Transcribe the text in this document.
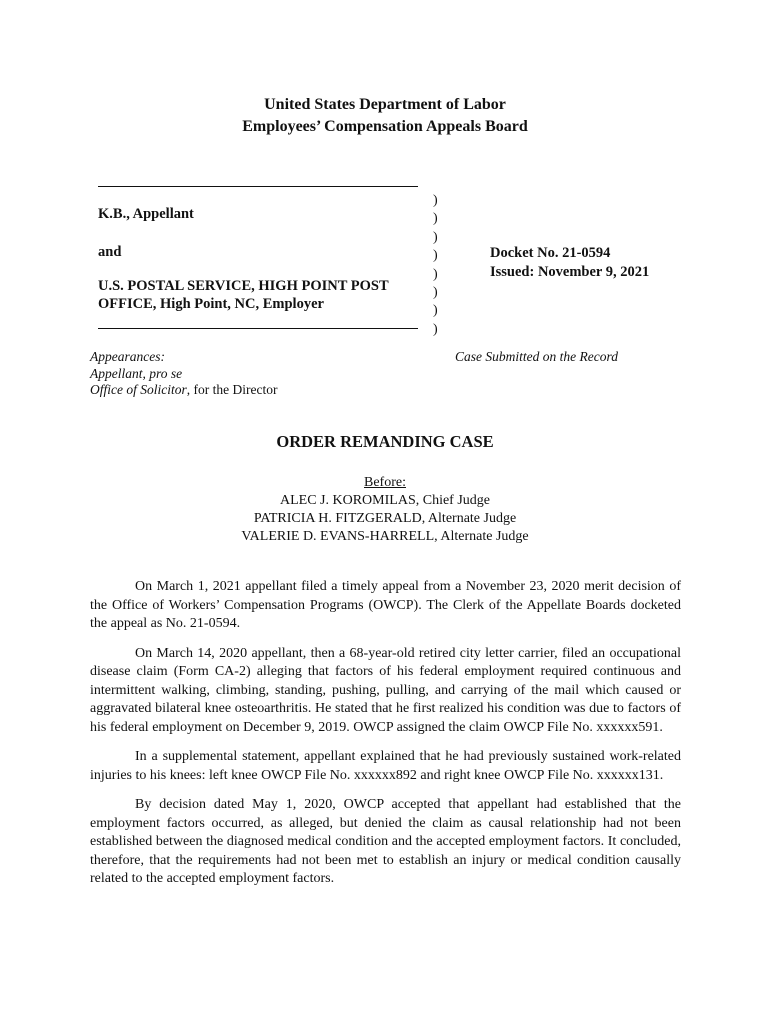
United States Department of Labor
Employees’ Compensation Appeals Board
K.B., Appellant
and
U.S. POSTAL SERVICE, HIGH POINT POST
OFFICE, High Point, NC, Employer
)
)
)
)
)
)
)
)
Docket No. 21-0594
Issued: November 9, 2021
Appearances:
Appellant, pro se
Office of Solicitor, for the Director
Case Submitted on the Record
ORDER REMANDING CASE
Before:
ALEC J. KOROMILAS, Chief Judge
PATRICIA H. FITZGERALD, Alternate Judge
VALERIE D. EVANS-HARRELL, Alternate Judge

On March 1, 2021 appellant filed a timely appeal from a November 23, 2020 merit decision of the Office of Workers’ Compensation Programs (OWCP). The Clerk of the Appellate Boards docketed the appeal as No. 21-0594.

On March 14, 2020 appellant, then a 68-year-old retired city letter carrier, filed an occupational disease claim (Form CA-2) alleging that factors of his federal employment required continuous and intermittent walking, climbing, standing, pushing, pulling, and carrying of the mail which caused or aggravated bilateral knee osteoarthritis. He stated that he first realized his condition was due to factors of his federal employment on December 9, 2019. OWCP assigned the claim OWCP File No. xxxxxx591.

In a supplemental statement, appellant explained that he had previously sustained work-related injuries to his knees: left knee OWCP File No. xxxxxx892 and right knee OWCP File No. xxxxxx131.

By decision dated May 1, 2020, OWCP accepted that appellant had established that the employment factors occurred, as alleged, but denied the claim as causal relationship had not been established between the diagnosed medical condition and the accepted employment factors. It concluded, therefore, that the requirements had not been met to establish an injury or medical condition causally related to the accepted employment factors.
